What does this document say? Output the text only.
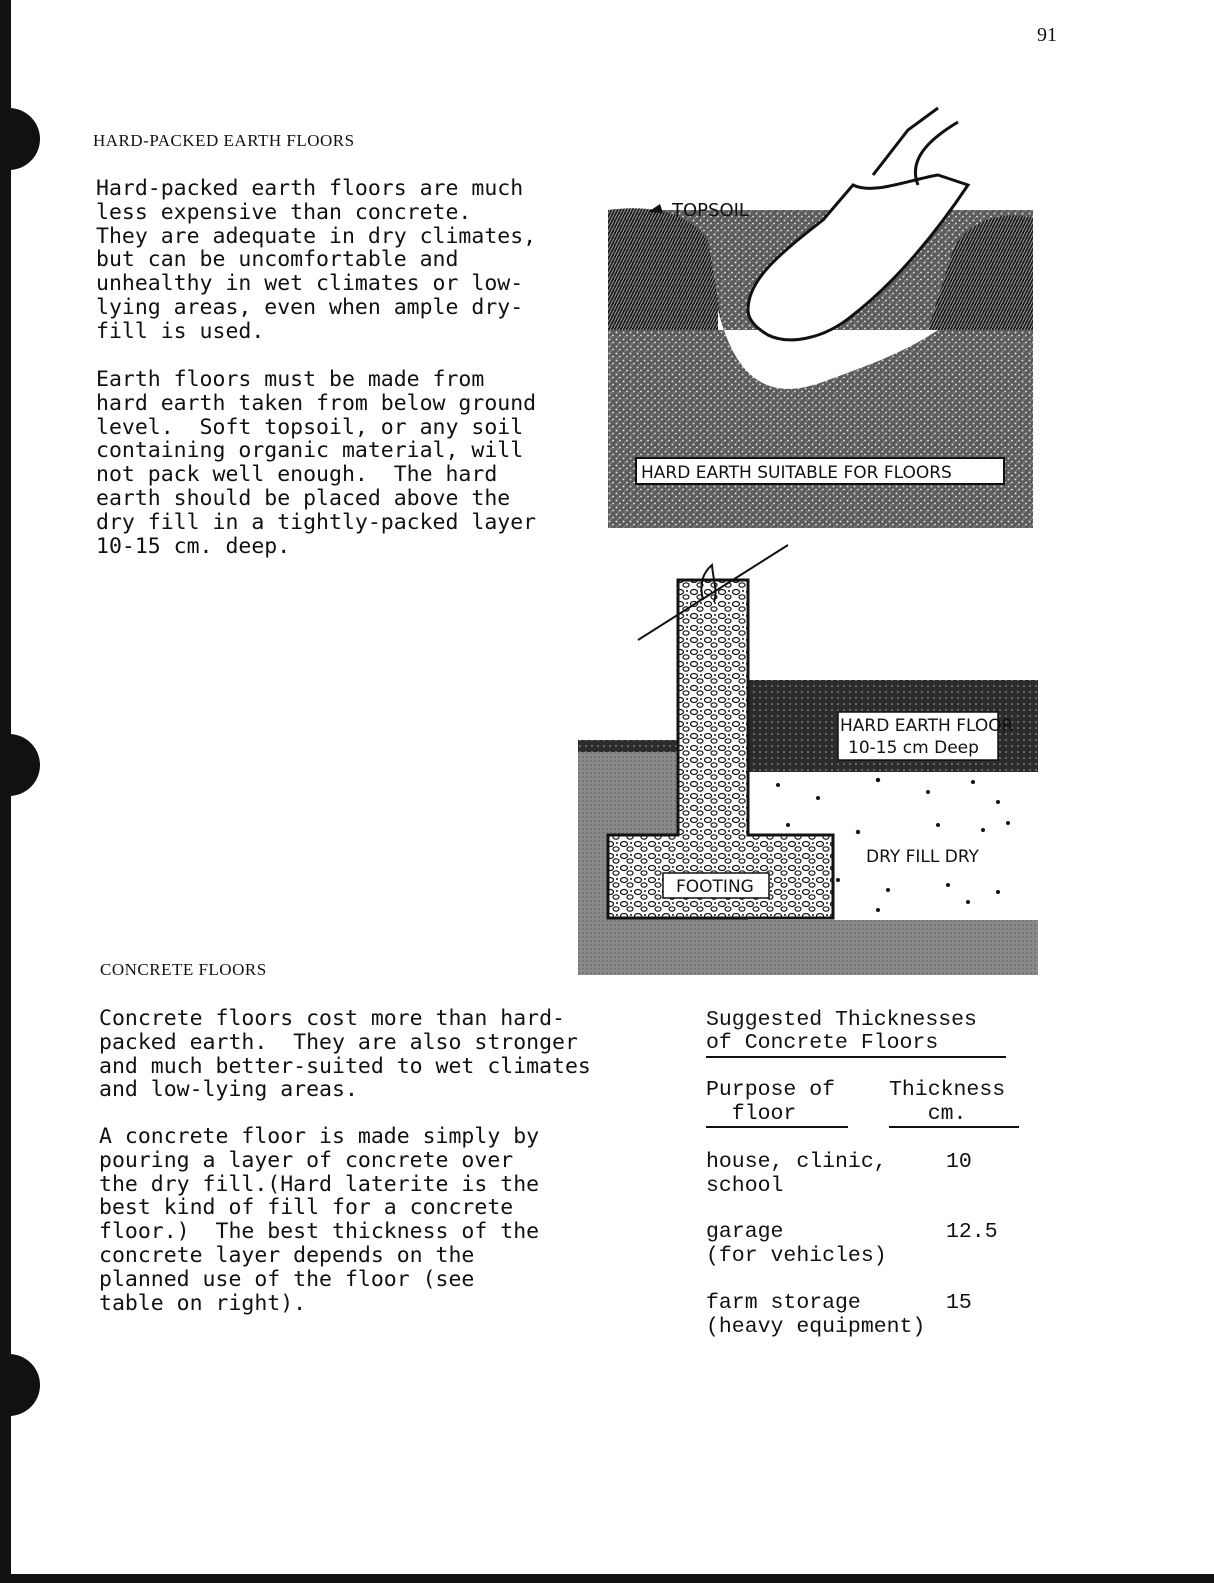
91
HARD-PACKED EARTH FLOORS
Hard-packed earth floors are much
less expensive than concrete.
They are adequate in dry climates,
but can be uncomfortable and
unhealthy in wet climates or low-
lying areas, even when ample dry-
fill is used.
Earth floors must be made from
hard earth taken from below ground
level.  Soft topsoil, or any soil
containing organic material, will
not pack well enough.  The hard
earth should be placed above the
dry fill in a tightly-packed layer
10-15 cm. deep.
TOPSOIL
HARD EARTH SUITABLE FOR FLOORS
HARD EARTH FLOOR
10-15 cm Deep
DRY FILL DRY
FOOTING
CONCRETE FLOORS
Concrete floors cost more than hard-
packed earth.  They are also stronger
and much better-suited to wet climates
and low-lying areas.
A concrete floor is made simply by
pouring a layer of concrete over
the dry fill.(Hard laterite is the
best kind of fill for a concrete
floor.)  The best thickness of the
concrete layer depends on the
planned use of the floor (see
table on right).
Suggested Thicknesses
of Concrete Floors
Purpose of
floor
Thickness
cm.
house, clinic,
school
10
garage
(for vehicles)
12.5
farm storage
(heavy equipment)
15
